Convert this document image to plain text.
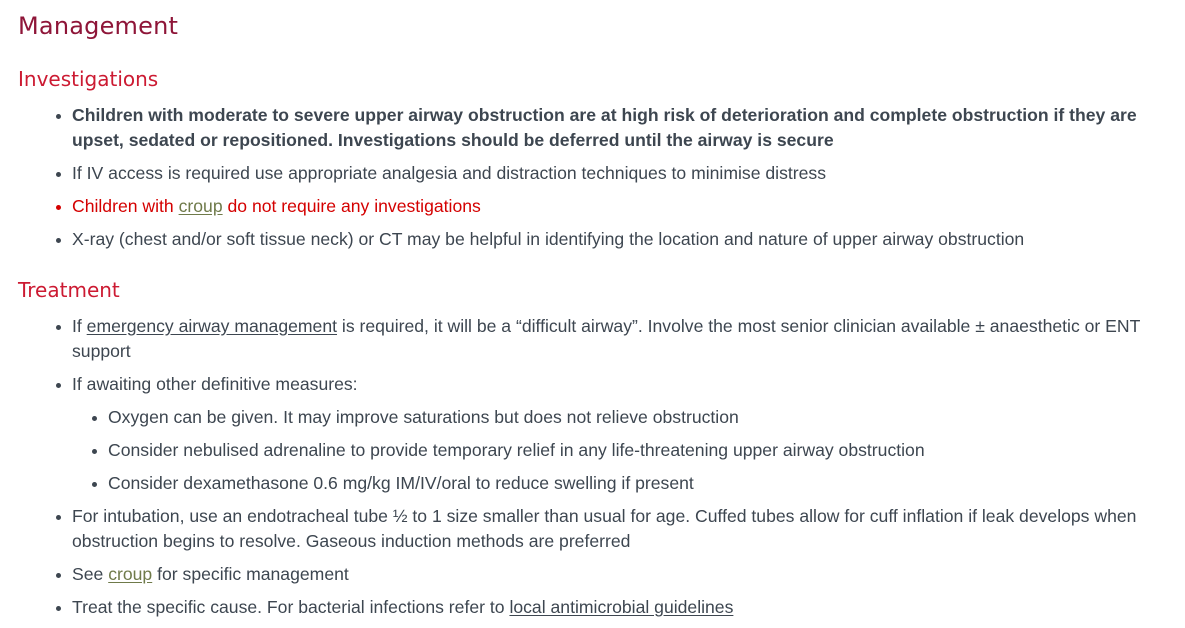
Management
Investigations
Children with moderate to severe upper airway obstruction are at high risk of deterioration and complete obstruction if they are upset, sedated or repositioned. Investigations should be deferred until the airway is secure
If IV access is required use appropriate analgesia and distraction techniques to minimise distress
Children with croup do not require any investigations
X-ray (chest and/or soft tissue neck) or CT may be helpful in identifying the location and nature of upper airway obstruction
Treatment
If emergency airway management is required, it will be a “difficult airway”. Involve the most senior clinician available ± anaesthetic or ENT support
If awaiting other definitive measures:
Oxygen can be given. It may improve saturations but does not relieve obstruction
Consider nebulised adrenaline to provide temporary relief in any life-threatening upper airway obstruction
Consider dexamethasone 0.6 mg/kg IM/IV/oral to reduce swelling if present
For intubation, use an endotracheal tube ½ to 1 size smaller than usual for age. Cuffed tubes allow for cuff inflation if leak develops when obstruction begins to resolve. Gaseous induction methods are preferred
See croup for specific management
Treat the specific cause. For bacterial infections refer to local antimicrobial guidelines
